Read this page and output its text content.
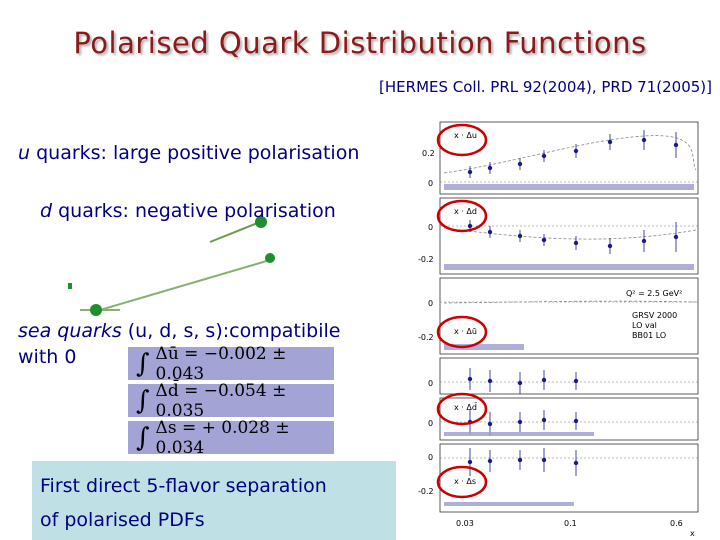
Polarised Quark Distribution Functions
[HERMES Coll. PRL 92(2004), PRD 71(2005)]
u quarks: large positive polarisation
d quarks: negative polarisation
sea quarks (u, d, s, s):compatibile
with 0 ∫ Δū = −0.002 ± 0.043
∫ Δd̄ = −0.054 ± 0.035
∫ Δs = + 0.028 ± 0.034
First direct 5-flavor separation
of polarised PDFs
0.2
0
0
-0.2
0
-0.2
0
0
-0.2
0
Q² = 2.5 GeV²
GRSV 2000
LO val
BB01 LO
x · Δu
x · Δd
x · Δū
x · Δd̄
x · Δs
0.03	0.1	0.6
x
